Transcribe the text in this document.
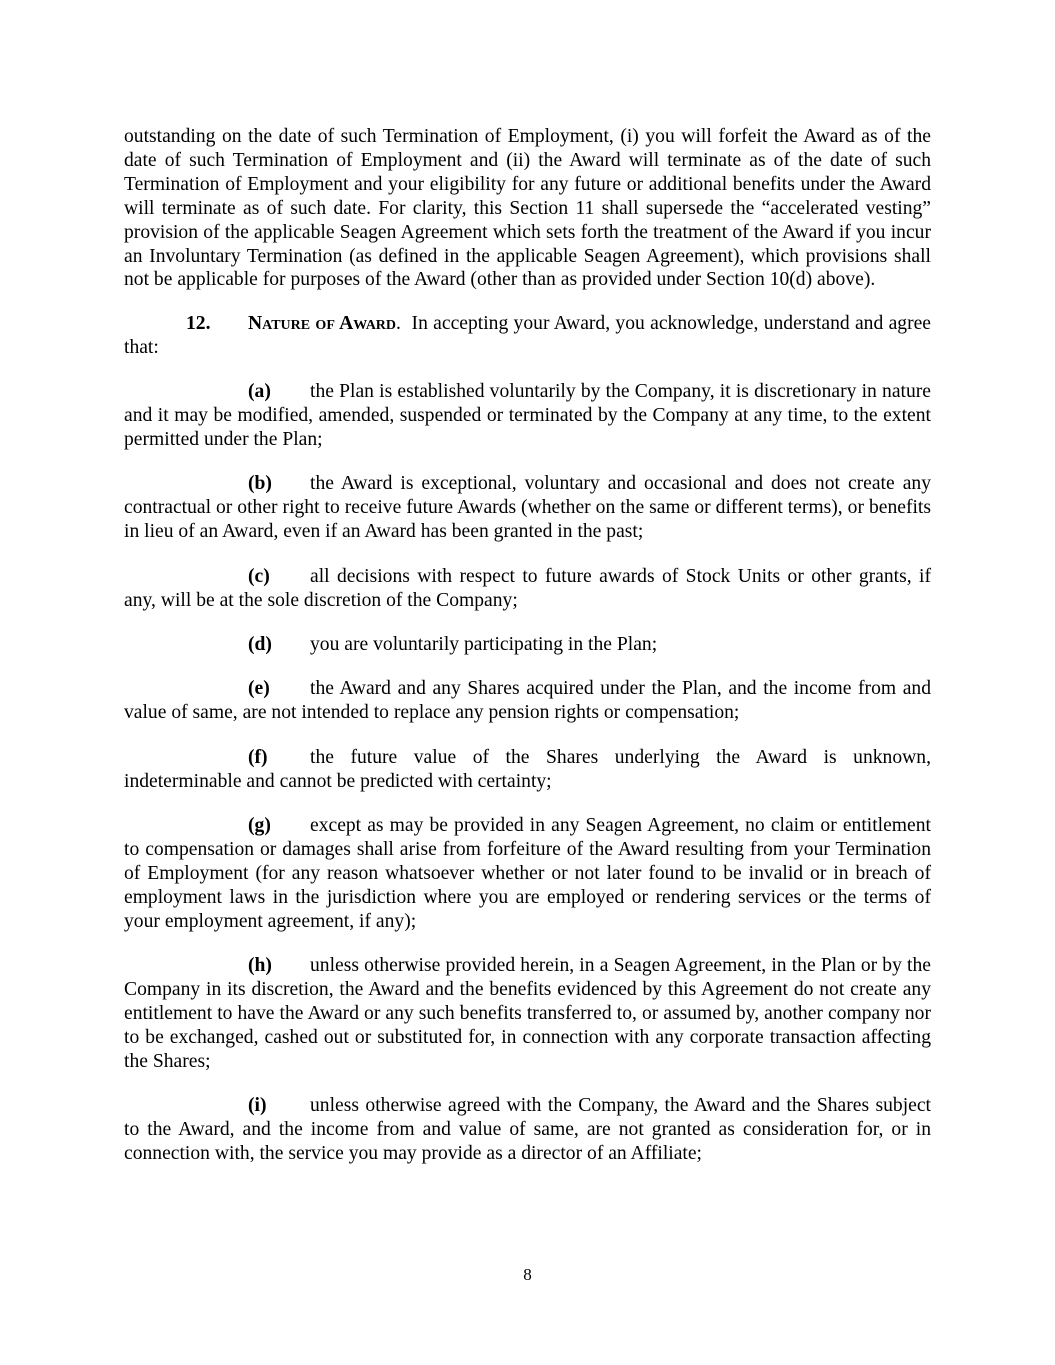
outstanding on the date of such Termination of Employment, (i) you will forfeit the Award as of the date of such Termination of Employment and (ii) the Award will terminate as of the date of such Termination of Employment and your eligibility for any future or additional benefits under the Award will terminate as of such date. For clarity, this Section 11 shall supersede the “accelerated vesting” provision of the applicable Seagen Agreement which sets forth the treatment of the Award if you incur an Involuntary Termination (as defined in the applicable Seagen Agreement), which provisions shall not be applicable for purposes of the Award (other than as provided under Section 10(d) above).

12. Nature of Award.  In accepting your Award, you acknowledge, understand and agree that:

(a) the Plan is established voluntarily by the Company, it is discretionary in nature and it may be modified, amended, suspended or terminated by the Company at any time, to the extent permitted under the Plan;

(b) the Award is exceptional, voluntary and occasional and does not create any contractual or other right to receive future Awards (whether on the same or different terms), or benefits in lieu of an Award, even if an Award has been granted in the past;

(c) all decisions with respect to future awards of Stock Units or other grants, if any, will be at the sole discretion of the Company;

(d) you are voluntarily participating in the Plan;

(e) the Award and any Shares acquired under the Plan, and the income from and value of same, are not intended to replace any pension rights or compensation;

(f) the future value of the Shares underlying the Award is unknown, indeterminable and cannot be predicted with certainty;

(g) except as may be provided in any Seagen Agreement, no claim or entitlement to compensation or damages shall arise from forfeiture of the Award resulting from your Termination of Employment (for any reason whatsoever whether or not later found to be invalid or in breach of employment laws in the jurisdiction where you are employed or rendering services or the terms of your employment agreement, if any);

(h) unless otherwise provided herein, in a Seagen Agreement, in the Plan or by the Company in its discretion, the Award and the benefits evidenced by this Agreement do not create any entitlement to have the Award or any such benefits transferred to, or assumed by, another company nor to be exchanged, cashed out or substituted for, in connection with any corporate transaction affecting the Shares;

(i) unless otherwise agreed with the Company, the Award and the Shares subject to the Award, and the income from and value of same, are not granted as consideration for, or in connection with, the service you may provide as a director of an Affiliate;

8
